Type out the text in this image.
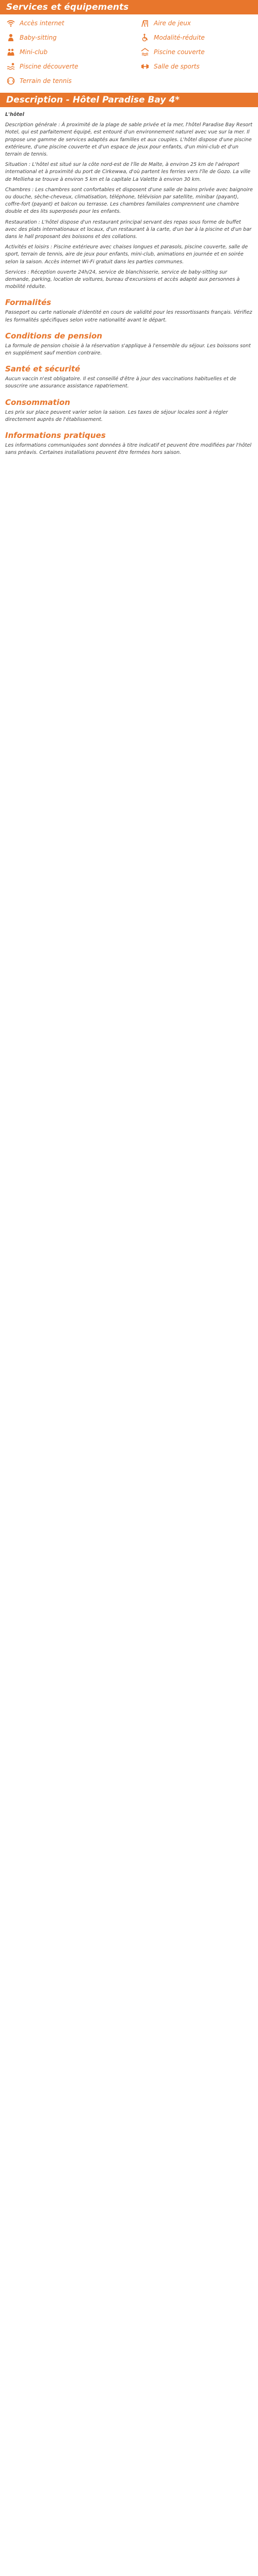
Services et équipements
Accès internet	Aire de jeux
Baby-sitting	Modalité-réduite
Mini-club	Piscine couverte
Piscine découverte	Salle de sports
Terrain de tennis
Description - Hôtel Paradise Bay 4*

L'hôtel

Description générale : À proximité de la plage de sable privée et la mer, l'hôtel Paradise Bay Resort Hotel, qui est parfaitement équipé, est entouré d'un environnement naturel avec vue sur la mer. Il propose une gamme de services adaptés aux familles et aux couples. L'hôtel dispose d'une piscine extérieure, d'une piscine couverte et d'un espace de jeux pour enfants, d'un mini-club et d'un terrain de tennis.

Situation : L'hôtel est situé sur la côte nord-est de l'île de Malte, à environ 25 km de l'aéroport international et à proximité du port de Cirkewwa, d'où partent les ferries vers l'île de Gozo. La ville de Mellieha se trouve à environ 5 km et la capitale La Valette à environ 30 km.

Chambres : Les chambres sont confortables et disposent d'une salle de bains privée avec baignoire ou douche, sèche-cheveux, climatisation, téléphone, télévision par satellite, minibar (payant), coffre-fort (payant) et balcon ou terrasse. Les chambres familiales comprennent une chambre double et des lits superposés pour les enfants.

Restauration : L'hôtel dispose d'un restaurant principal servant des repas sous forme de buffet avec des plats internationaux et locaux, d'un restaurant à la carte, d'un bar à la piscine et d'un bar dans le hall proposant des boissons et des collations.

Activités et loisirs : Piscine extérieure avec chaises longues et parasols, piscine couverte, salle de sport, terrain de tennis, aire de jeux pour enfants, mini-club, animations en journée et en soirée selon la saison. Accès internet Wi-Fi gratuit dans les parties communes.

Services : Réception ouverte 24h/24, service de blanchisserie, service de baby-sitting sur demande, parking, location de voitures, bureau d'excursions et accès adapté aux personnes à mobilité réduite.

Formalités

Passeport ou carte nationale d'identité en cours de validité pour les ressortissants français. Vérifiez les formalités spécifiques selon votre nationalité avant le départ.

Conditions de pension

La formule de pension choisie à la réservation s'applique à l'ensemble du séjour. Les boissons sont en supplément sauf mention contraire.

Santé et sécurité

Aucun vaccin n'est obligatoire. Il est conseillé d'être à jour des vaccinations habituelles et de souscrire une assurance assistance rapatriement.

Consommation

Les prix sur place peuvent varier selon la saison. Les taxes de séjour locales sont à régler directement auprès de l'établissement.

Informations pratiques

Les informations communiquées sont données à titre indicatif et peuvent être modifiées par l'hôtel sans préavis. Certaines installations peuvent être fermées hors saison.
